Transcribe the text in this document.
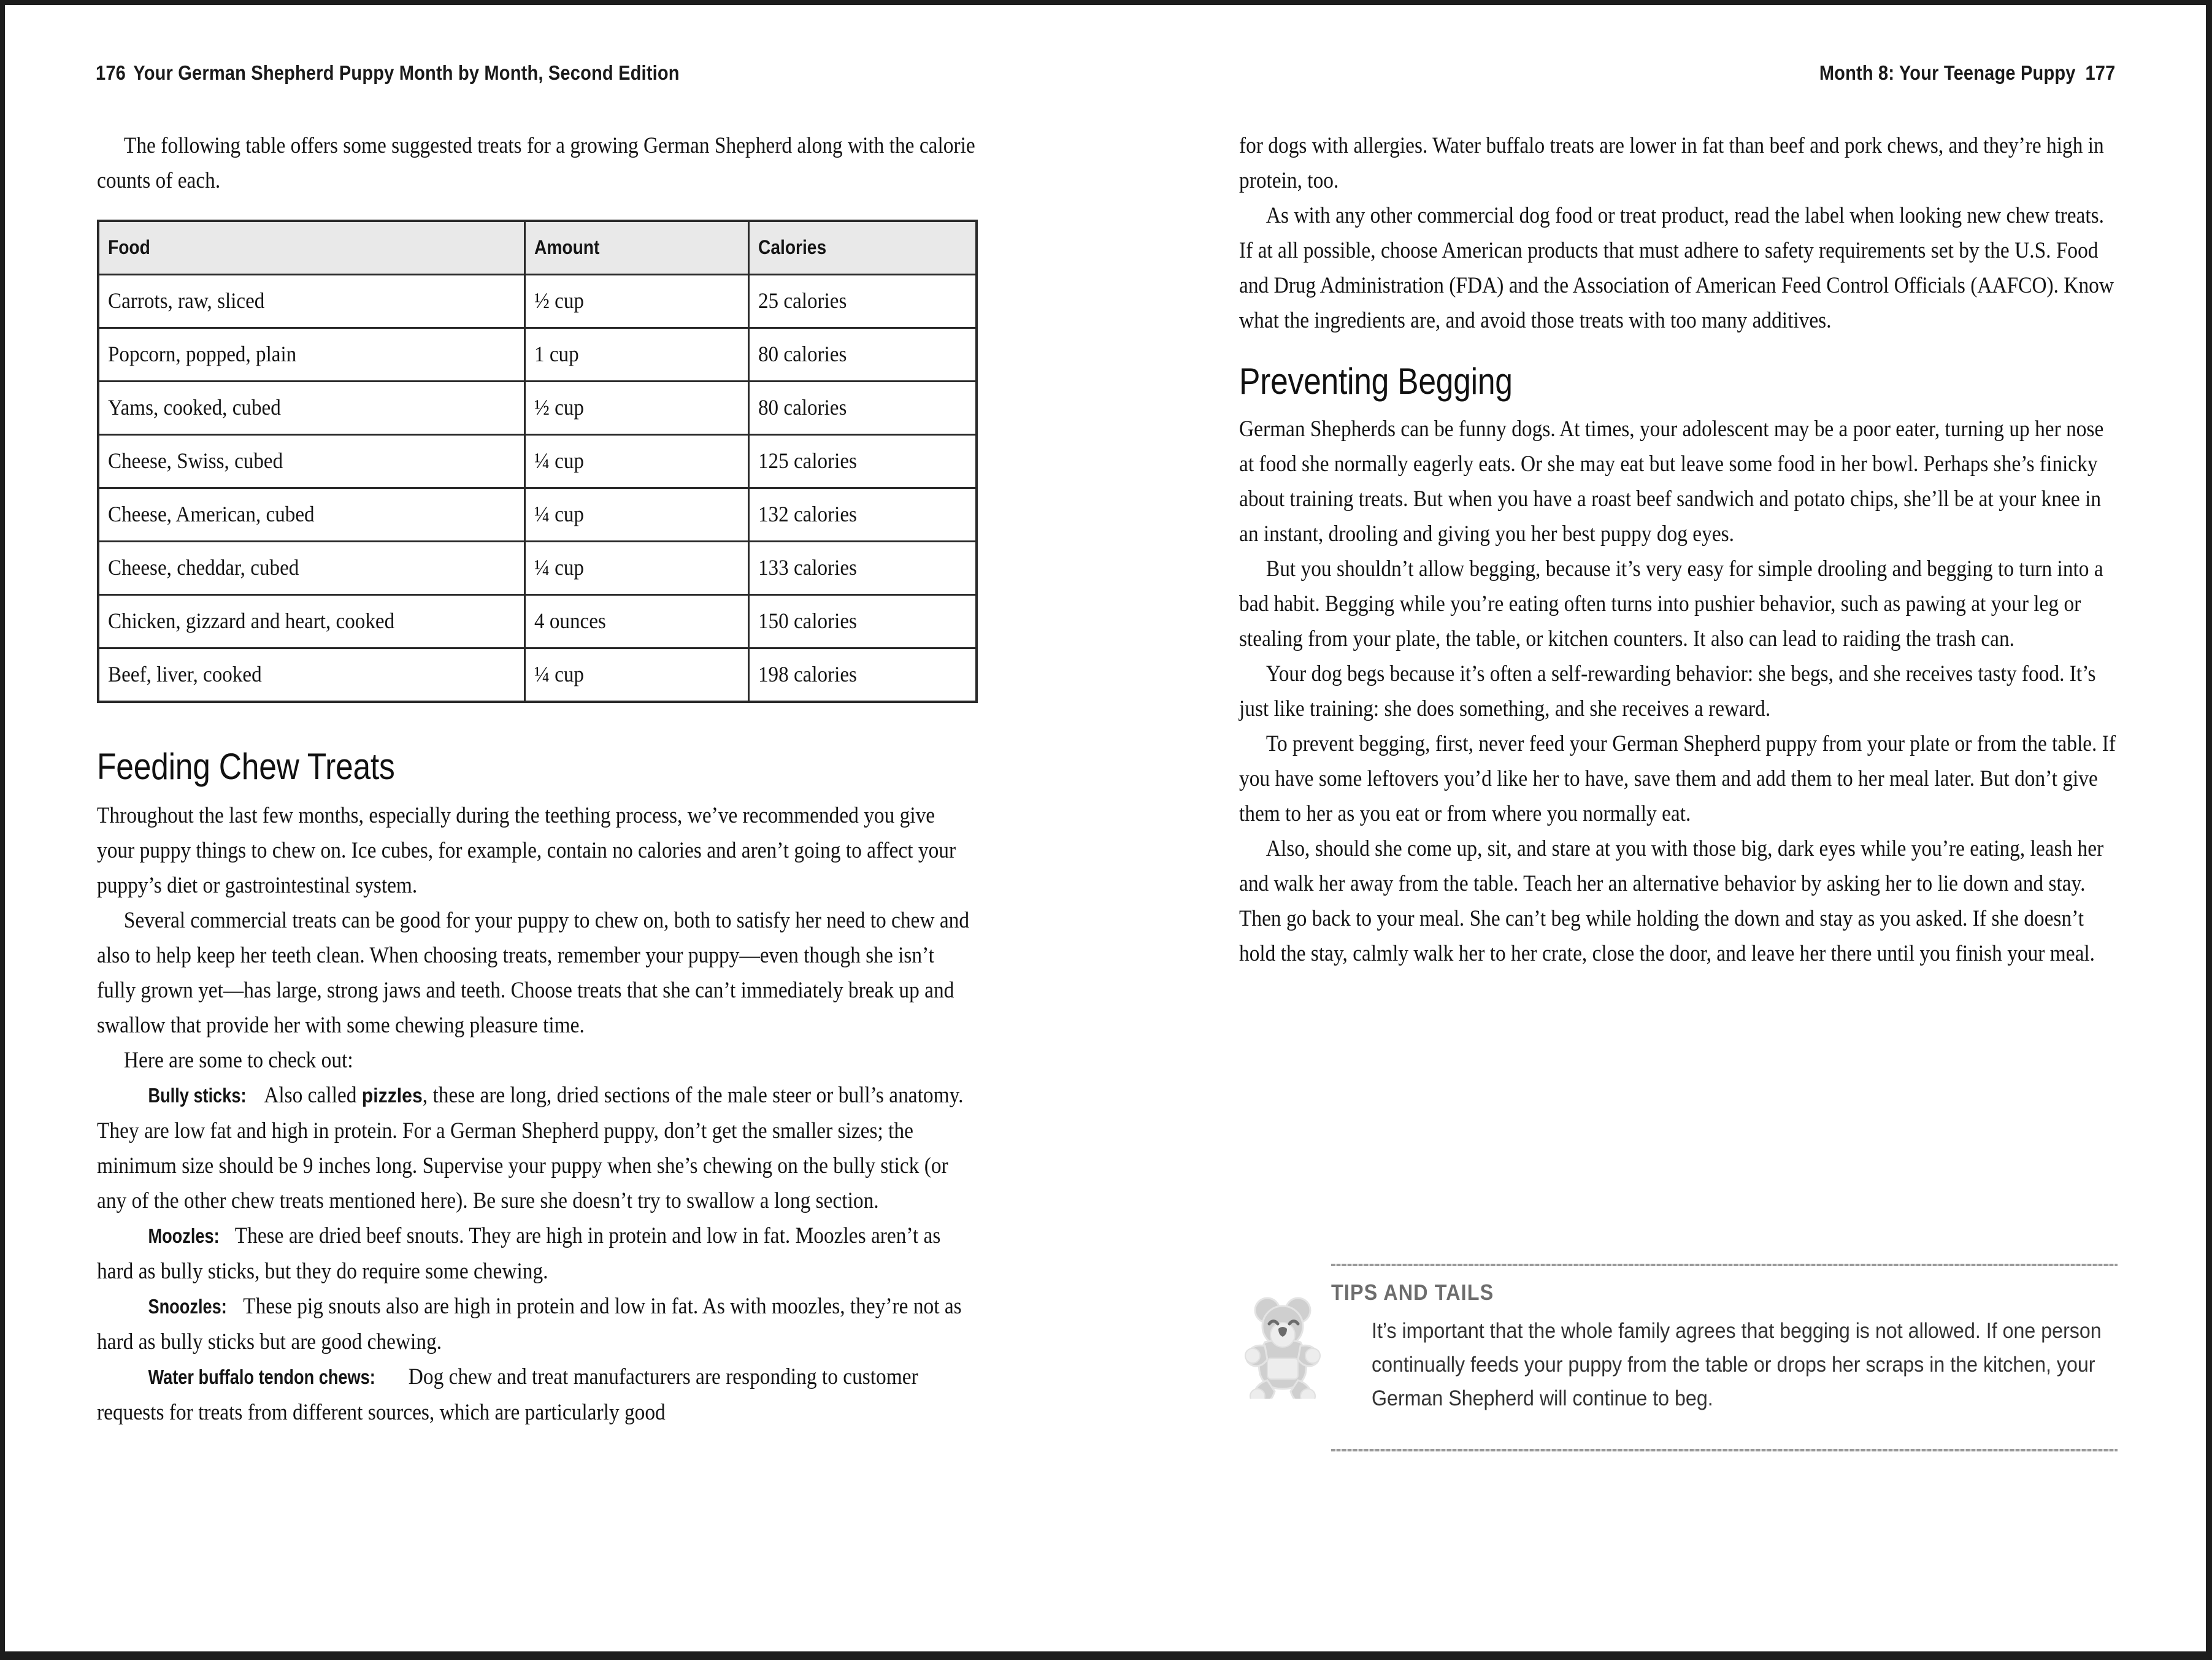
176 Your German Shepherd Puppy Month by Month, Second Edition	Month 8: Your Teenage Puppy 177

The following table offers some suggested treats for a growing German Shepherd along with the calorie counts of each.

Food	Amount	Calories
Carrots, raw, sliced	½ cup	25 calories
Popcorn, popped, plain	1 cup	80 calories
Yams, cooked, cubed	½ cup	80 calories
Cheese, Swiss, cubed	¼ cup	125 calories
Cheese, American, cubed	¼ cup	132 calories
Cheese, cheddar, cubed	¼ cup	133 calories
Chicken, gizzard and heart, cooked	4 ounces	150 calories
Beef, liver, cooked	¼ cup	198 calories
Feeding Chew Treats

Throughout the last few months, especially during the teething process, we’ve recommended you give your puppy things to chew on. Ice cubes, for example, contain no calories and aren’t going to affect your puppy’s diet or gastrointestinal system.

Several commercial treats can be good for your puppy to chew on, both to satisfy her need to chew and also to help keep her teeth clean. When choosing treats, remember your puppy—even though she isn’t fully grown yet—has large, strong jaws and teeth. Choose treats that she can’t immediately break up and swallow that provide her with some chewing pleasure time.

Here are some to check out:

Bully sticks: Also called pizzles, these are long, dried sections of the male steer or bull’s anatomy. They are low fat and high in protein. For a German Shepherd puppy, don’t get the smaller sizes; the minimum size should be 9 inches long. Supervise your puppy when she’s chewing on the bully stick (or any of the other chew treats mentioned here). Be sure she doesn’t try to swallow a long section.

Moozles: These are dried beef snouts. They are high in protein and low in fat. Moozles aren’t as hard as bully sticks, but they do require some chewing.

Snoozles: These pig snouts also are high in protein and low in fat. As with moozles, they’re not as hard as bully sticks but are good chewing.

Water buffalo tendon chews: Dog chew and treat manufacturers are responding to customer requests for treats from different sources, which are particularly good

for dogs with allergies. Water buffalo treats are lower in fat than beef and pork chews, and they’re high in protein, too.

As with any other commercial dog food or treat product, read the label when looking new chew treats. If at all possible, choose American products that must adhere to safety requirements set by the U.S. Food and Drug Administration (FDA) and the Association of American Feed Control Officials (AAFCO). Know what the ingredients are, and avoid those treats with too many additives.

Preventing Begging

German Shepherds can be funny dogs. At times, your adolescent may be a poor eater, turning up her nose at food she normally eagerly eats. Or she may eat but leave some food in her bowl. Perhaps she’s finicky about training treats. But when you have a roast beef sandwich and potato chips, she’ll be at your knee in an instant, drooling and giving you her best puppy dog eyes.

But you shouldn’t allow begging, because it’s very easy for simple drooling and begging to turn into a bad habit. Begging while you’re eating often turns into pushier behavior, such as pawing at your leg or stealing from your plate, the table, or kitchen counters. It also can lead to raiding the trash can.

Your dog begs because it’s often a self-rewarding behavior: she begs, and she receives tasty food. It’s just like training: she does something, and she receives a reward.

To prevent begging, first, never feed your German Shepherd puppy from your plate or from the table. If you have some leftovers you’d like her to have, save them and add them to her meal later. But don’t give them to her as you eat or from where you normally eat.

Also, should she come up, sit, and stare at you with those big, dark eyes while you’re eating, leash her and walk her away from the table. Teach her an alternative behavior by asking her to lie down and stay. Then go back to your meal. She can’t beg while holding the down and stay as you asked. If she doesn’t hold the stay, calmly walk her to her crate, close the door, and leave her there until you finish your meal.

TIPS AND TAILS

It’s important that the whole family agrees that begging is not allowed. If one person continually feeds your puppy from the table or drops her scraps in the kitchen, your German Shepherd will continue to beg.
